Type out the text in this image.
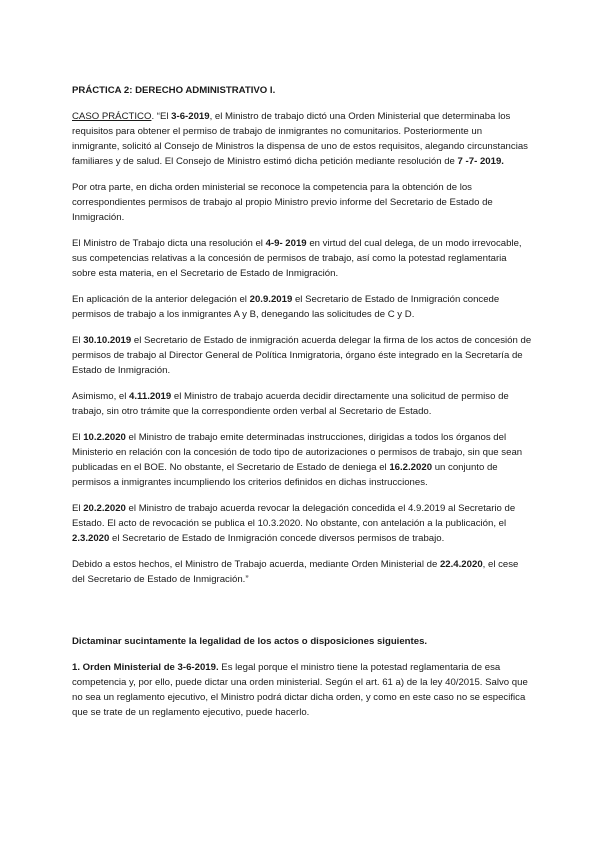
PRÁCTICA 2: DERECHO ADMINISTRATIVO I.

CASO PRÁCTICO. “El 3-6-2019, el Ministro de trabajo dictó una Orden Ministerial que determinaba los requisitos para obtener el permiso de trabajo de inmigrantes no comunitarios. Posteriormente un inmigrante, solicitó al Consejo de Ministros la dispensa de uno de estos requisitos, alegando circunstancias familiares y de salud. El Consejo de Ministro estimó dicha petición mediante resolución de 7 -7- 2019.

Por otra parte, en dicha orden ministerial se reconoce la competencia para la obtención de los correspondientes permisos de trabajo al propio Ministro previo informe del Secretario de Estado de Inmigración.

El Ministro de Trabajo dicta una resolución el 4-9- 2019 en virtud del cual delega, de un modo irrevocable, sus competencias relativas a la concesión de permisos de trabajo, así como la potestad reglamentaria sobre esta materia, en el Secretario de Estado de Inmigración.

En aplicación de la anterior delegación el 20.9.2019 el Secretario de Estado de Inmigración concede permisos de trabajo a los inmigrantes A y B, denegando las solicitudes de C y D.

El 30.10.2019 el Secretario de Estado de inmigración acuerda delegar la firma de los actos de concesión de permisos de trabajo al Director General de Política Inmigratoria, órgano éste integrado en la Secretaría de Estado de Inmigración.

Asimismo, el 4.11.2019 el Ministro de trabajo acuerda decidir directamente una solicitud de permiso de trabajo, sin otro trámite que la correspondiente orden verbal al Secretario de Estado.

El 10.2.2020 el Ministro de trabajo emite determinadas instrucciones, dirigidas a todos los órganos del Ministerio en relación con la concesión de todo tipo de autorizaciones o permisos de trabajo, sin que sean publicadas en el BOE. No obstante, el Secretario de Estado de deniega el 16.2.2020 un conjunto de permisos a inmigrantes incumpliendo los criterios definidos en dichas instrucciones.

El 20.2.2020 el Ministro de trabajo acuerda revocar la delegación concedida el 4.9.2019 al Secretario de Estado. El acto de revocación se publica el 10.3.2020. No obstante, con antelación a la publicación, el 2.3.2020 el Secretario de Estado de Inmigración concede diversos permisos de trabajo.

Debido a estos hechos, el Ministro de Trabajo acuerda, mediante Orden Ministerial de 22.4.2020, el cese del Secretario de Estado de Inmigración.”

Dictaminar sucintamente la legalidad de los actos o disposiciones siguientes.

1. Orden Ministerial de 3-6-2019. Es legal porque el ministro tiene la potestad reglamentaria de esa competencia y, por ello, puede dictar una orden ministerial. Según el art. 61 a) de la ley 40/2015. Salvo que no sea un reglamento ejecutivo, el Ministro podrá dictar dicha orden, y como en este caso no se especifica que se trate de un reglamento ejecutivo, puede hacerlo.
